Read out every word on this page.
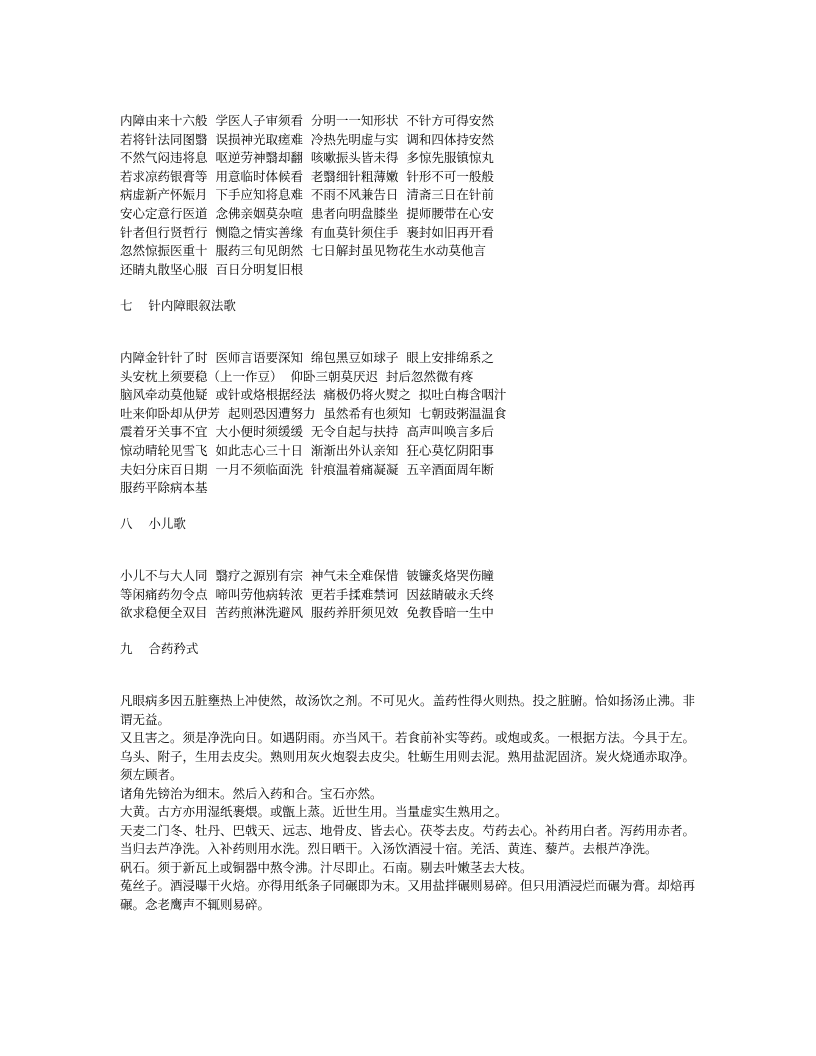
内障由来十六般  学医人子审须看  分明一一知形状  不针方可得安然
若将针法同图翳  误损神光取瘥难  冷热先明虚与实  调和四体持安然
不然气闷违将息  呕逆劳神翳却翻  咳嗽振头皆未得  多惊先服镇惊丸
若求凉药银膏等  用意临时体候看  老翳细针粗薄嫩  针形不可一般般
病虚新产怀娠月  下手应知将息难  不雨不风兼告日  清斋三日在针前
安心定意行医道  念佛亲姻莫杂喧  患者向明盘膝坐  提师腰带在心安
针者但行贤哲行  恻隐之情实善缘  有血莫针须住手  裹封如旧再开看
忽然惊振医重十  服药三旬见朗然  七日解封虽见物花生水动莫他言
还睛丸散坚心服  百日分明复旧根
七    针内障眼叙法歌
内障金针针了时  医师言语要深知  绵包黑豆如球子  眼上安排绵系之
头安枕上须要稳（上一作豆）  仰卧三朝莫厌迟  封后忽然微有疼
脑风牵动莫他疑  或针或烙根据经法  痛极仍将火熨之  拟吐白梅含咽汁
吐来仰卧却从伊芳  起则恐因遭努力  虽然希有也须知  七朝豉粥温温食
震着牙关事不宜  大小便时须缓缓  无令自起与扶持  高声叫唤言多后
惊动晴轮见雪飞  如此志心三十日  渐渐出外认亲知  狂心莫忆阴阳事
夫妇分床百日期  一月不须临面洗  针痕温着痛凝凝  五辛酒面周年断
服药平除病本基
八    小儿歌
小儿不与大人同  翳疗之源别有宗  神气未全难保惜  铍镰炙烙哭伤瞳
等闲痛药勿令点  啼叫劳他病转浓  更若手揉难禁诃  因兹睛破永夭终
欲求稳便全双目  苦药煎淋洗避风  服药养肝须见效  免教昏暗一生中
九    合药矜式

凡眼病多因五脏壅热上冲使然，故汤饮之剂。不可见火。盖药性得火则热。投之脏腑。恰如扬汤止沸。非谓无益。

又且害之。须是净洗向日。如遇阴雨。亦当风干。若食前补实等药。或炮或炙。一根据方法。今具于左。

乌头、附子，生用去皮尖。熟则用灰火炮裂去皮尖。牡蛎生用则去泥。熟用盐泥固济。炭火烧通赤取净。须左顾者。

诸角先镑治为细末。然后入药和合。宝石亦然。

大黄。古方亦用湿纸裹煨。或甑上蒸。近世生用。当量虚实生熟用之。

天麦二门冬、牡丹、巴戟天、远志、地骨皮、皆去心。茯苓去皮。芍药去心。补药用白者。泻药用赤者。当归去芦净洗。入补药则用水洗。烈日晒干。入汤饮酒浸十宿。羌活、黄连、藜芦。去根芦净洗。

矾石。须于新瓦上或铜器中熬令沸。汁尽即止。石南。剔去叶嫩茎去大枝。

菟丝子。酒浸曝干火焙。亦得用纸条子同碾即为末。又用盐拌碾则易碎。但只用酒浸烂而碾为膏。却焙再碾。念老鹰声不辄则易碎。
